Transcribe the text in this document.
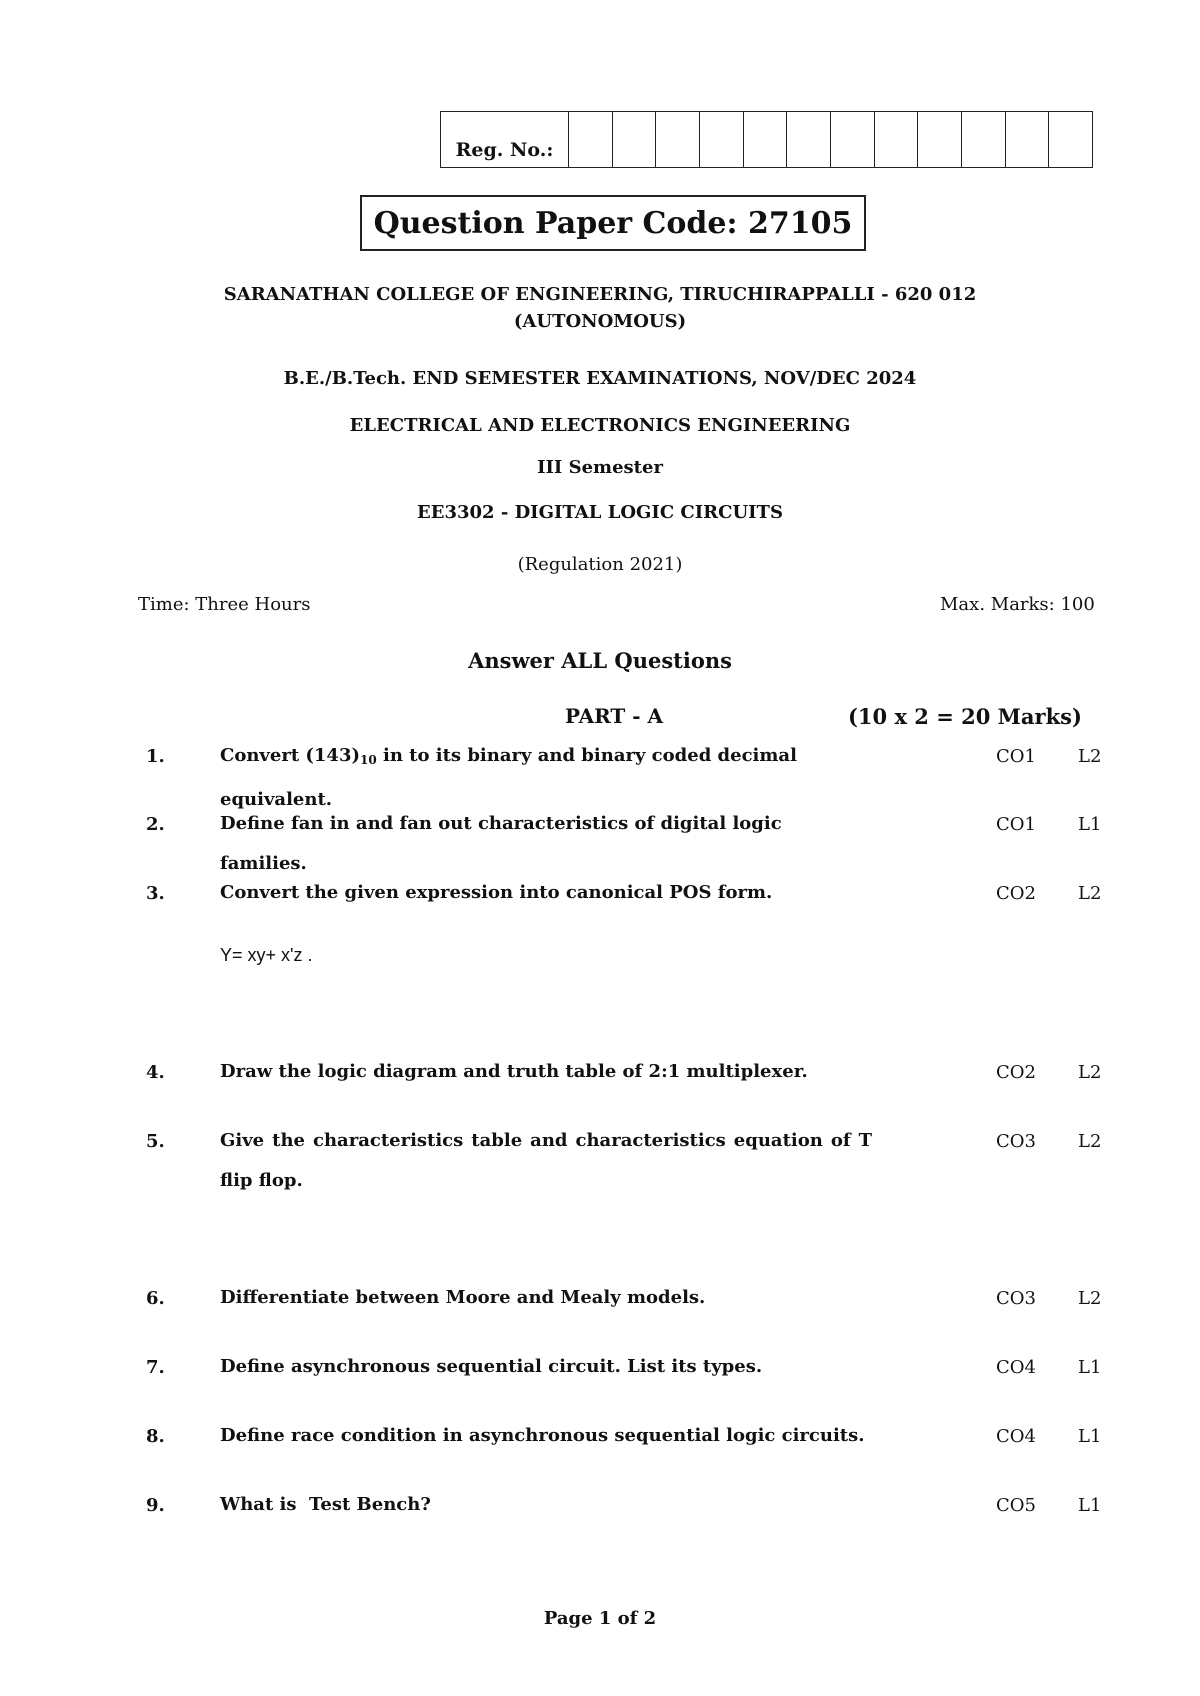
Reg. No.:
Question Paper Code: 27105
SARANATHAN COLLEGE OF ENGINEERING, TIRUCHIRAPPALLI - 620 012
(AUTONOMOUS)
B.E./B.Tech. END SEMESTER EXAMINATIONS, NOV/DEC 2024
ELECTRICAL AND ELECTRONICS ENGINEERING
III Semester
EE3302 - DIGITAL LOGIC CIRCUITS
(Regulation 2021)
Time: Three Hours	Max. Marks: 100
Answer ALL Questions
PART - A	(10 x 2 = 20 Marks)
1.	Convert $(143)_{10}$ in to its binary and binary coded decimal equivalent.
CO1 L2
2.	Define fan in and fan out characteristics of digital logic families.
CO1 L1
3.	Convert the given expression into canonical POS form.	CO2 L2
Y= xy+ x'z .
4.	Draw the logic diagram and truth table of 2:1 multiplexer.	CO2 L2
5.	Give the characteristics table and characteristics equation of T flip flop.
CO3 L2
6.	Differentiate between Moore and Mealy models.	CO3 L2
7.	Define asynchronous sequential circuit. List its types.	CO4 L1
8.	Define race condition in asynchronous sequential logic circuits.	CO4 L1
9.	What is  Test Bench?	CO5 L1
Page 1 of 2
